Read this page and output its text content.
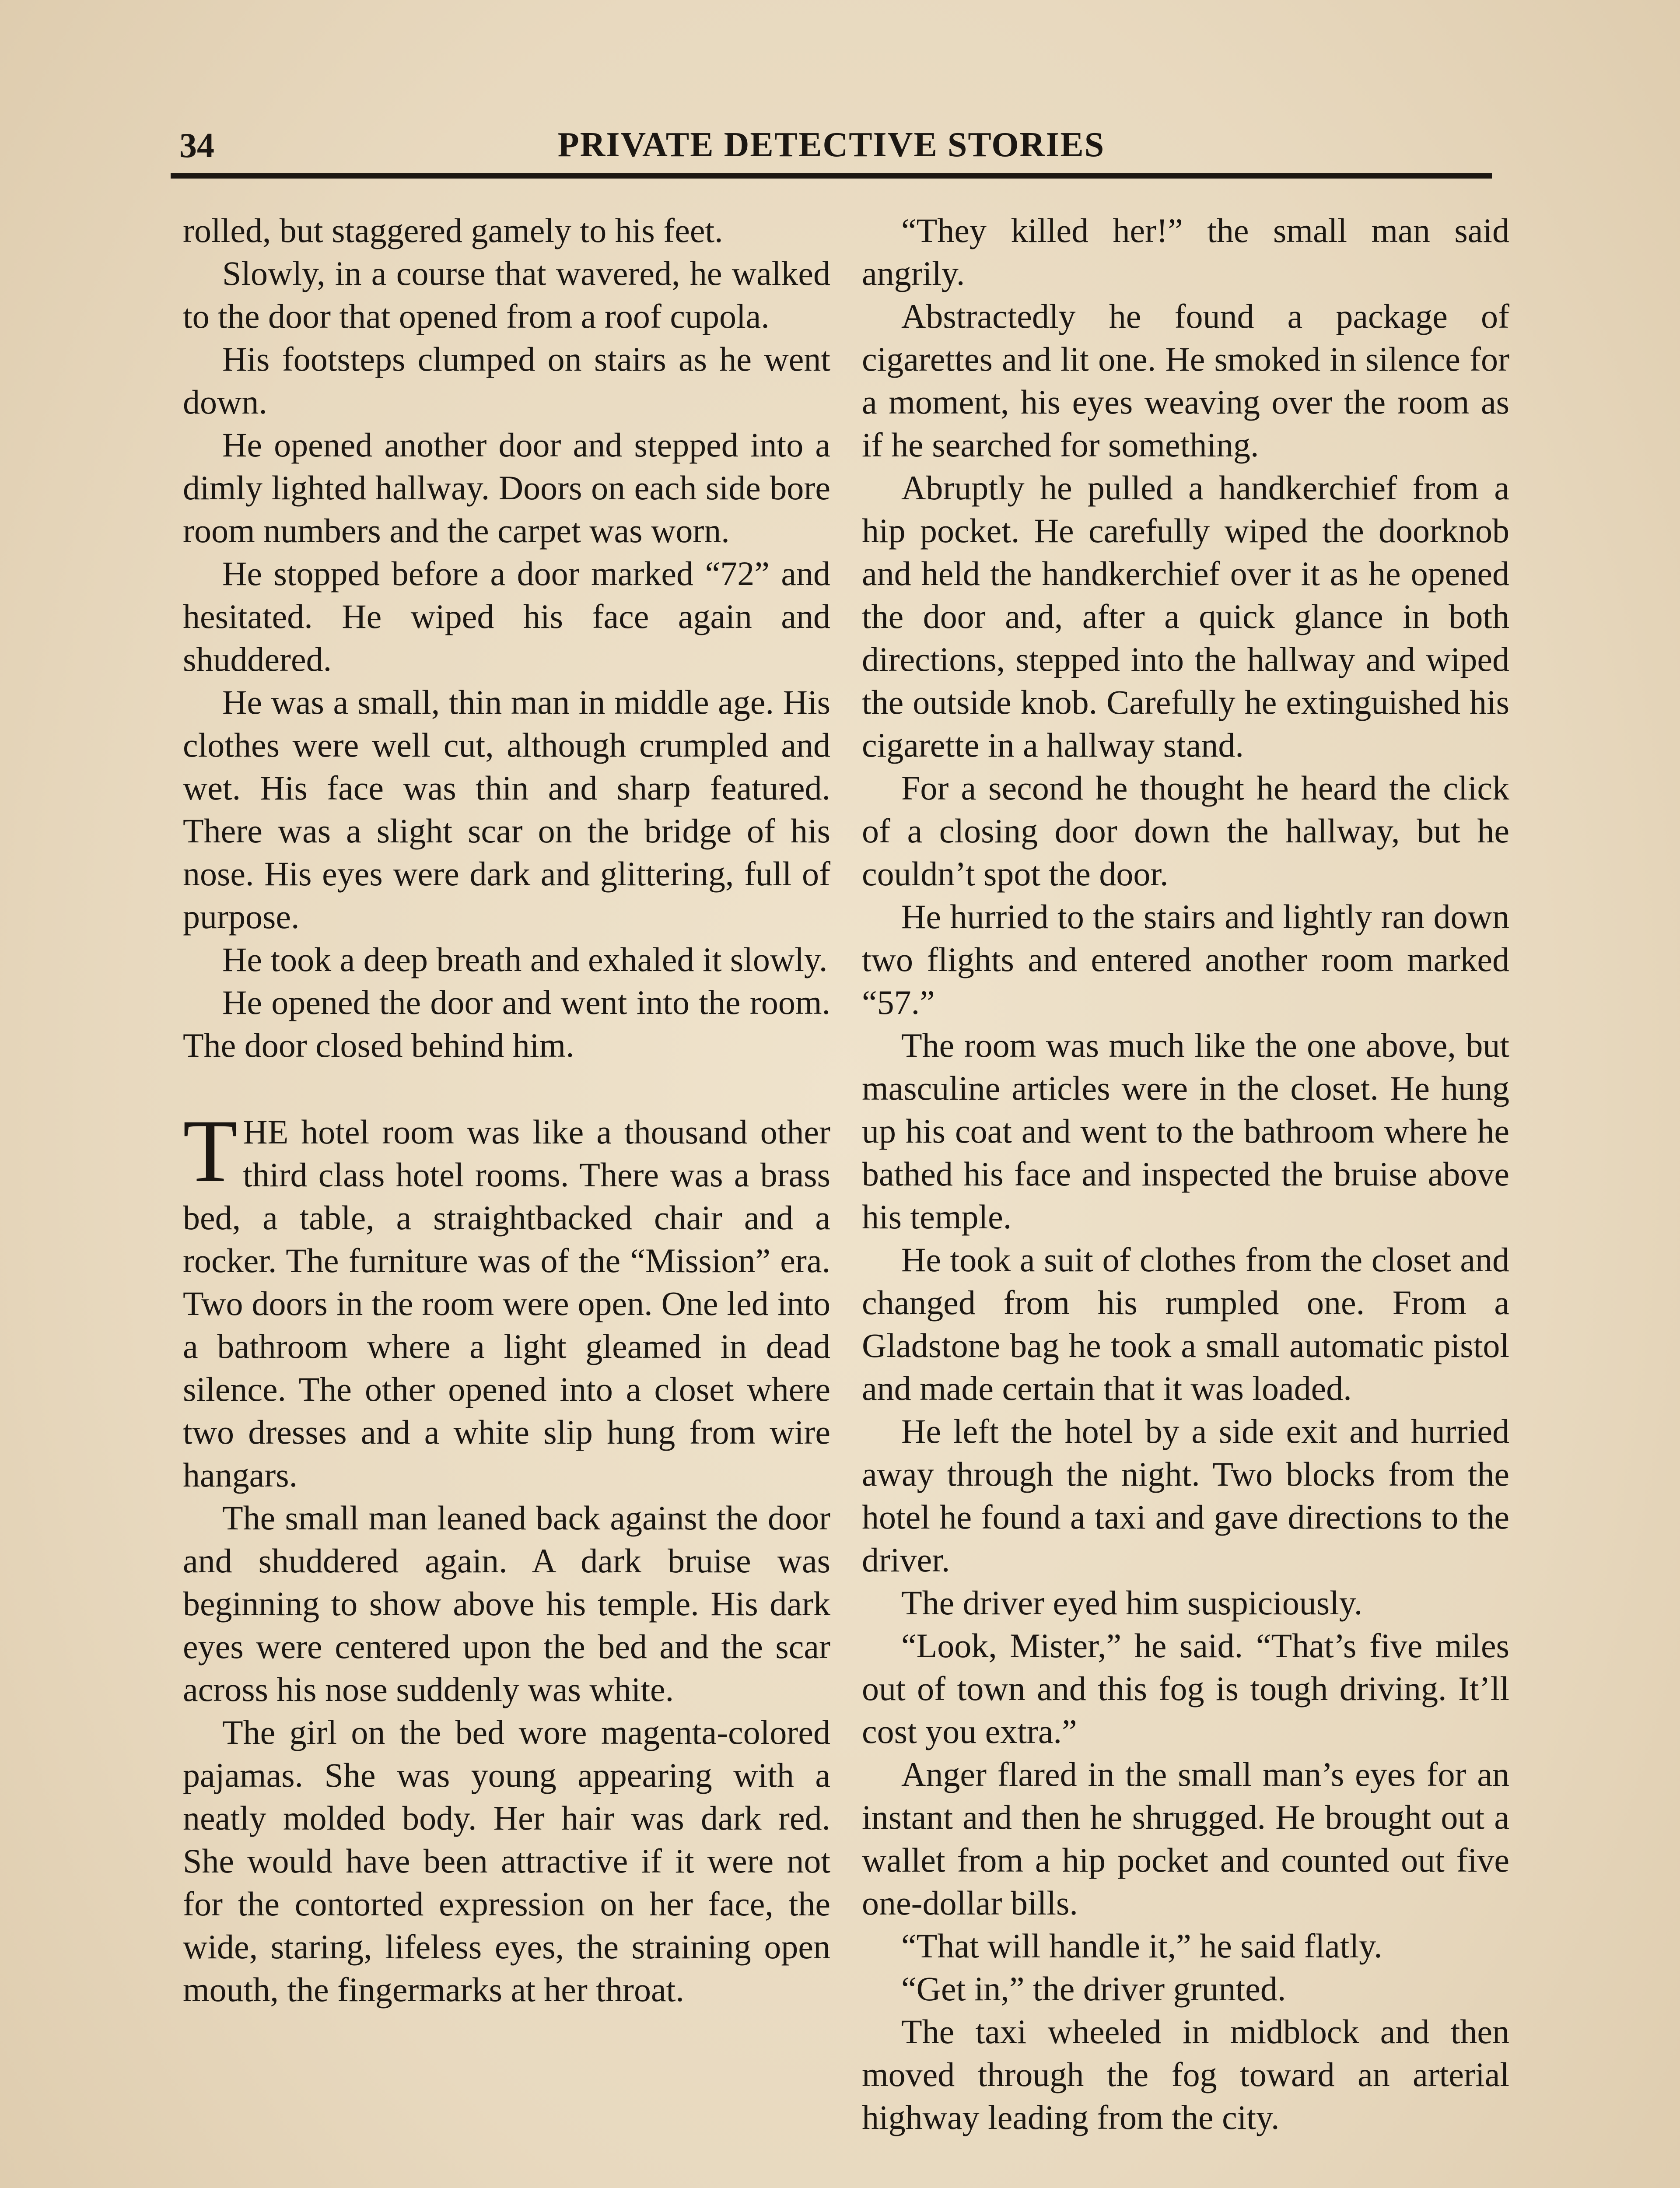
34	PRIVATE DETECTIVE STORIES

rolled, but staggered gamely to his feet.

Slowly, in a course that wavered, he walked to the door that opened from a roof cupola.

His footsteps clumped on stairs as he went down.

He opened another door and stepped into a dimly lighted hallway. Doors on each side bore room numbers and the carpet was worn.

He stopped before a door marked “72” and hesitated. He wiped his face again and shuddered.

He was a small, thin man in middle age. His clothes were well cut, although crumpled and wet. His face was thin and sharp featured. There was a slight scar on the bridge of his nose. His eyes were dark and glittering, full of purpose.

He took a deep breath and exhaled it slowly.

He opened the door and went into the room. The door closed behind him.

THE hotel room was like a thousand other third class hotel rooms. There was a brass bed, a table, a straightbacked chair and a rocker. The furniture was of the “Mission” era. Two doors in the room were open. One led into a bathroom where a light gleamed in dead silence. The other opened into a closet where two dresses and a white slip hung from wire hangars.

The small man leaned back against the door and shuddered again. A dark bruise was beginning to show above his temple. His dark eyes were centered upon the bed and the scar across his nose suddenly was white.

The girl on the bed wore magenta-colored pajamas. She was young appearing with a neatly molded body. Her hair was dark red. She would have been attractive if it were not for the contorted expression on her face, the wide, staring, lifeless eyes, the straining open mouth, the fingermarks at her throat.

“They killed her!” the small man said angrily.

Abstractedly he found a package of cigarettes and lit one. He smoked in silence for a moment, his eyes weaving over the room as if he searched for something.

Abruptly he pulled a handkerchief from a hip pocket. He carefully wiped the doorknob and held the handkerchief over it as he opened the door and, after a quick glance in both directions, stepped into the hallway and wiped the outside knob. Carefully he extinguished his cigarette in a hallway stand.

For a second he thought he heard the click of a closing door down the hallway, but he couldn’t spot the door.

He hurried to the stairs and lightly ran down two flights and entered another room marked “57.”

The room was much like the one above, but masculine articles were in the closet. He hung up his coat and went to the bathroom where he bathed his face and inspected the bruise above his temple.

He took a suit of clothes from the closet and changed from his rumpled one. From a Gladstone bag he took a small automatic pistol and made certain that it was loaded.

He left the hotel by a side exit and hurried away through the night. Two blocks from the hotel he found a taxi and gave directions to the driver.

The driver eyed him suspiciously.

“Look, Mister,” he said. “That’s five miles out of town and this fog is tough driving. It’ll cost you extra.”

Anger flared in the small man’s eyes for an instant and then he shrugged. He brought out a wallet from a hip pocket and counted out five one-dollar bills.

“That will handle it,” he said flatly.

“Get in,” the driver grunted.

The taxi wheeled in midblock and then moved through the fog toward an arterial highway leading from the city.
